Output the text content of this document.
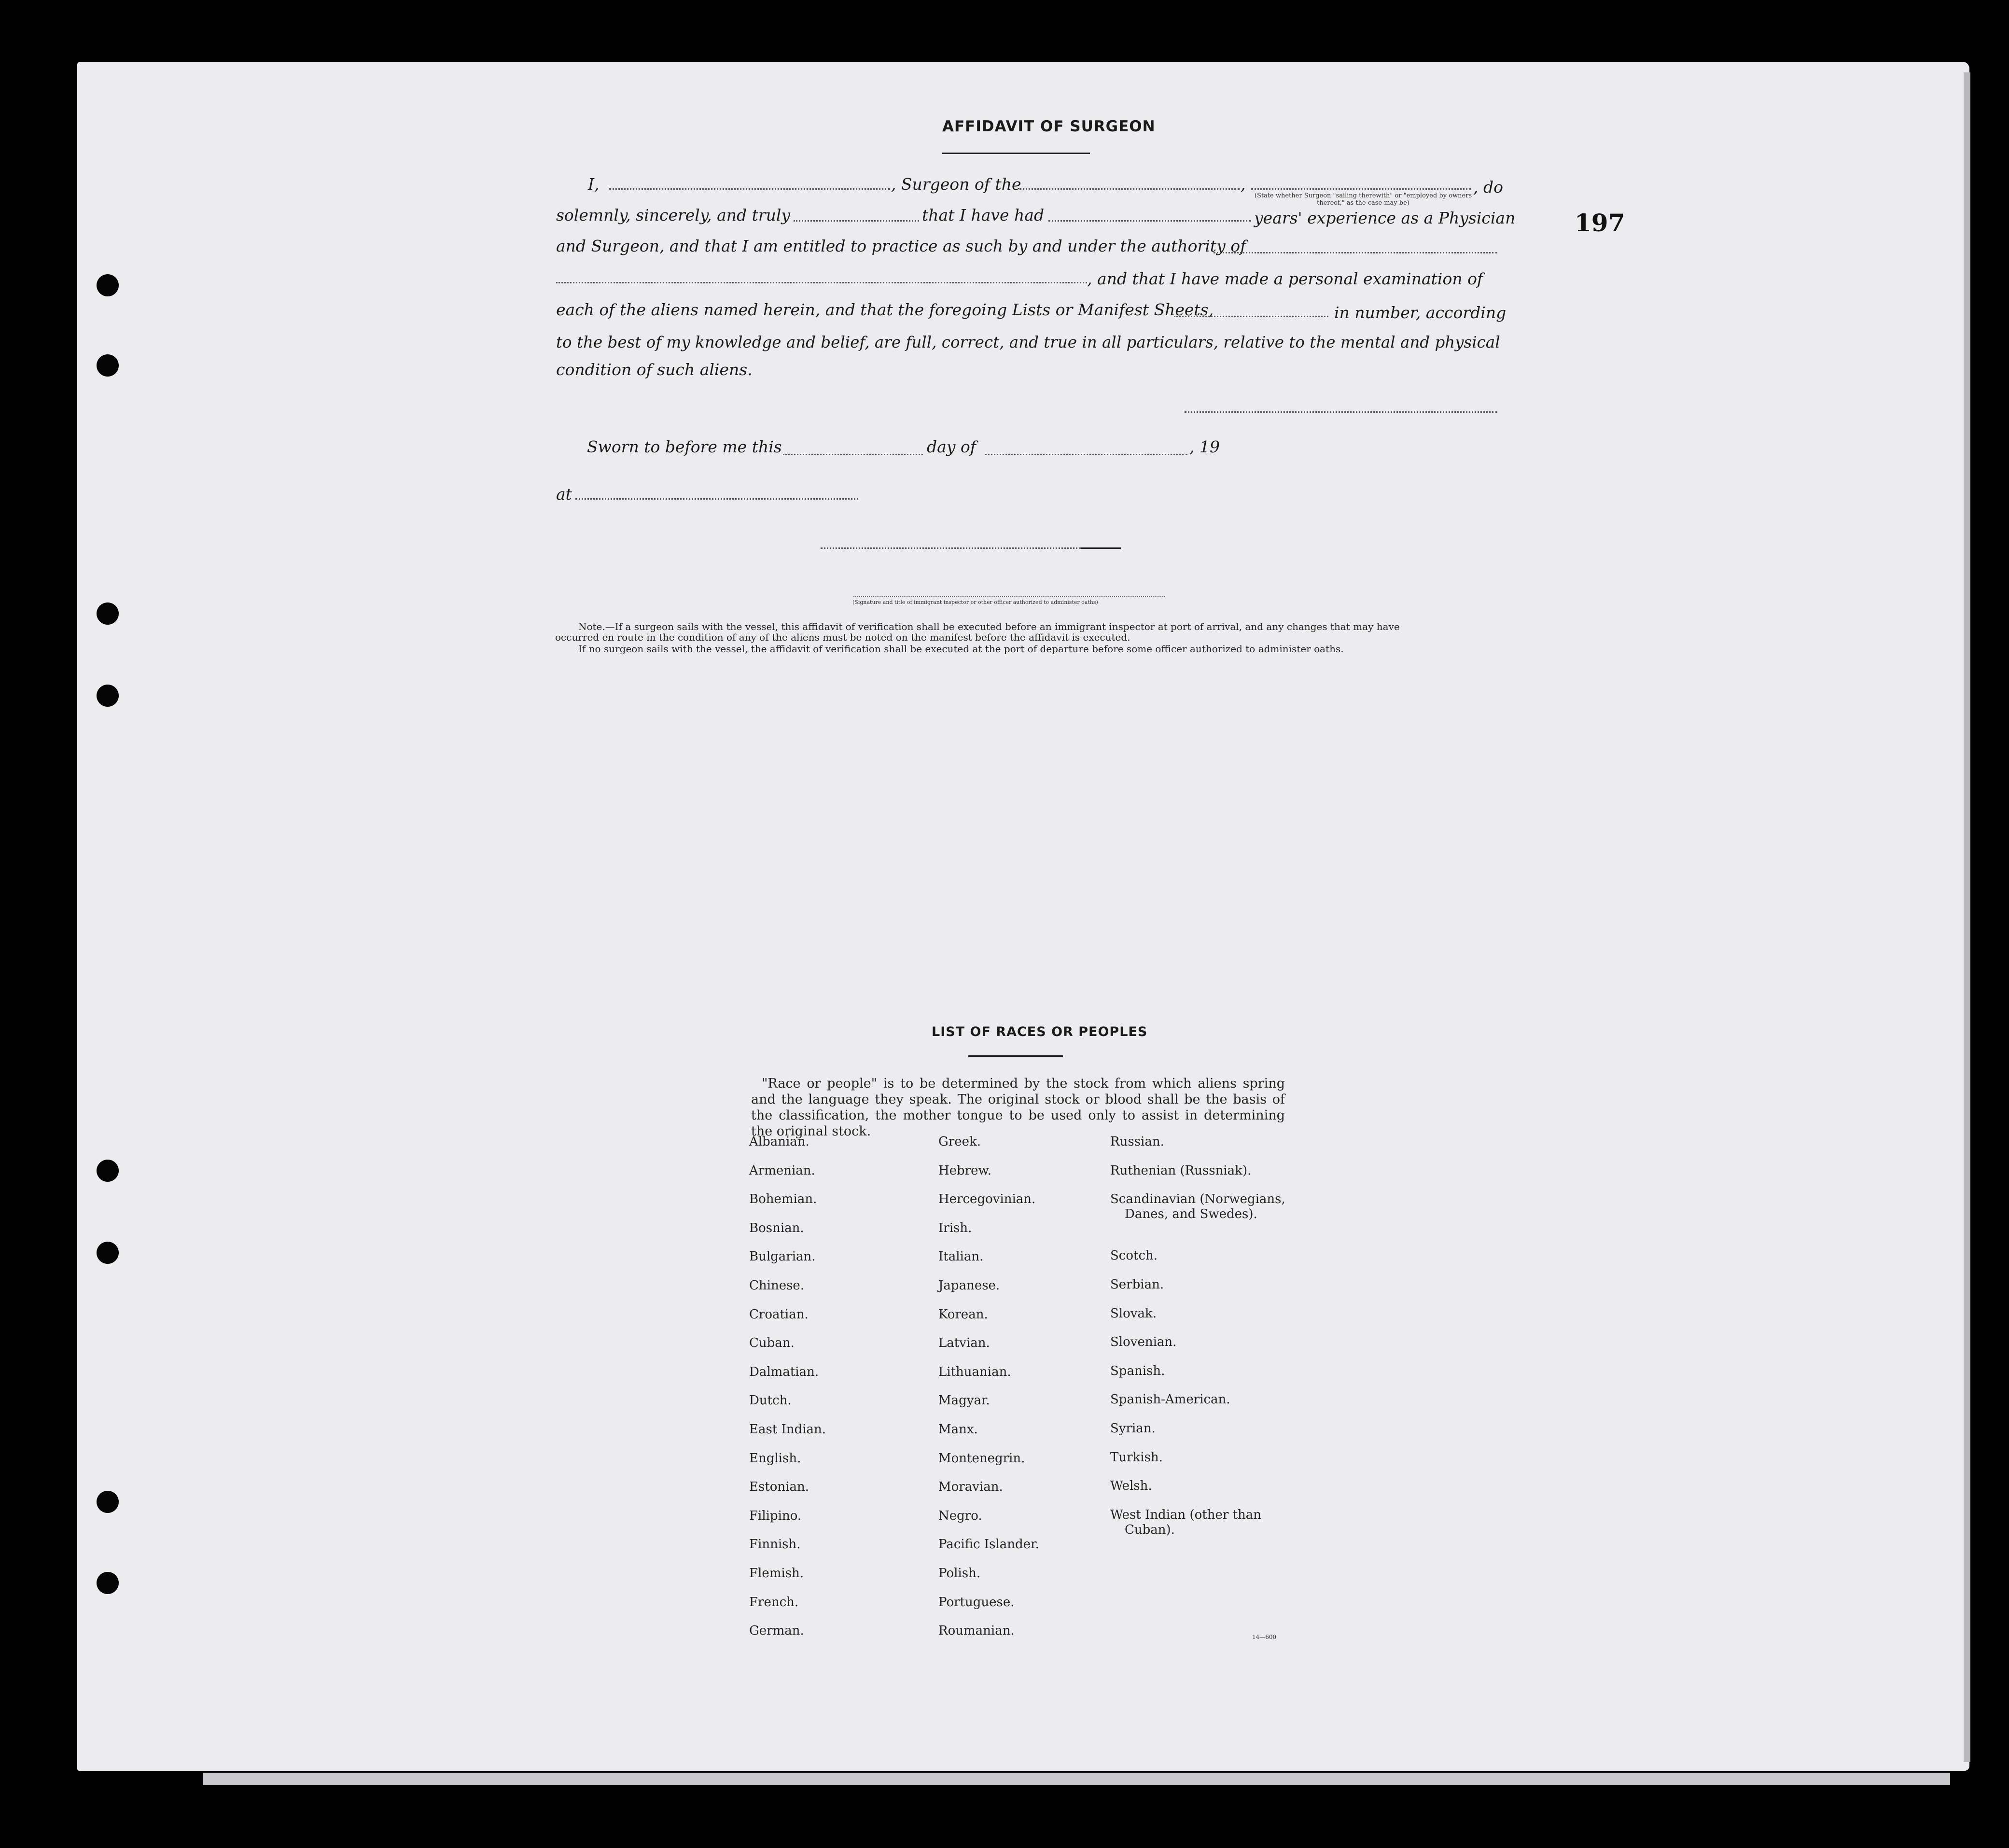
197
AFFIDAVIT OF SURGEON
I,	, Surgeon of the	,	, do
(State whether Surgeon "sailing therewith" or "employed by owners thereof," as the case may be)
solemnly, sincerely, and truly	that I have had	years' experience as a Physician
and Surgeon, and that I am entitled to practice as such by and under the authority of
, and that I have made a personal examination of
each of the aliens named herein, and that the foregoing Lists or Manifest Sheets,	in number, according
to the best of my knowledge and belief, are full, correct, and true in all particulars, relative to the mental and physical
condition of such aliens.
Sworn to before me this	day of	, 19
at
(Signature and title of immigrant inspector or other officer authorized to administer oaths)
Note.—If a surgeon sails with the vessel, this affidavit of verification shall be executed before an immigrant inspector at port of arrival, and any changes that may have
occurred en route in the condition of any of the aliens must be noted on the manifest before the affidavit is executed.
If no surgeon sails with the vessel, the affidavit of verification shall be executed at the port of departure before some officer authorized to administer oaths.
LIST OF RACES OR PEOPLES
"Race or people" is to be determined by the stock from which aliens spring and the language they speak. The original stock or blood shall be the basis of the classification, the mother tongue to be used only to assist in determining the original stock.
Albanian.
Armenian.
Bohemian.
Bosnian.
Bulgarian.
Chinese.
Croatian.
Cuban.
Dalmatian.
Dutch.
East Indian.
English.
Estonian.
Filipino.
Finnish.
Flemish.
French.
German.
Greek.
Hebrew.
Hercegovinian.
Irish.
Italian.
Japanese.
Korean.
Latvian.
Lithuanian.
Magyar.
Manx.
Montenegrin.
Moravian.
Negro.
Pacific Islander.
Polish.
Portuguese.
Roumanian.
Russian.
Ruthenian (Russniak).
Scandinavian (Norwegians,
Danes, and Swedes).
Scotch.
Serbian.
Slovak.
Slovenian.
Spanish.
Spanish-American.
Syrian.
Turkish.
Welsh.
West Indian (other than
Cuban).
14—600
